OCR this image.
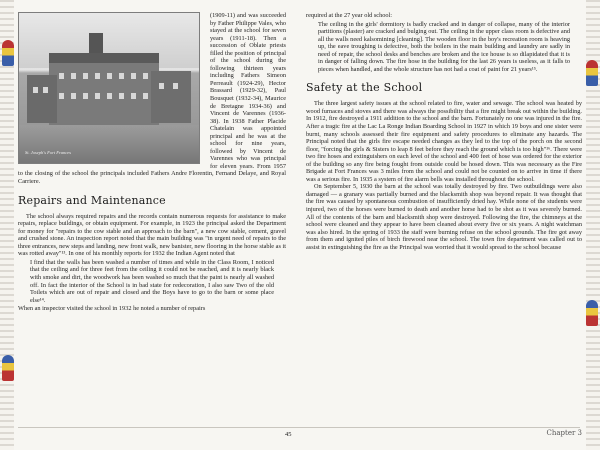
St. Joseph's Fort Frances

(1909-11) and was succeeded by Father Philippe Vales, who stayed at the school for seven years (1911-18). Then a succession of Oblate priests filled the position of principal of the school during the following thirteen years including Fathers Simeon Perreault (1924-29), Hector Brassard (1929-32), Paul Bousquet (1932-34), Maurice de Bretagne 1934-36) and Vincent de Varennes (1936-38). In 1938 Father Placide Chatelain was appointed principal and he was at the school for nine years, followed by Vincent de Varennes who was principal for eleven years. From 1957 to the closing of the school the principals included Fathers Andre Florentin, Fernand Delaye, and Royal Carriere.

Repairs and Maintenance

The school always required repairs and the records contain numerous requests for assistance to make repairs, replace buildings, or obtain equipment. For example, in 1923 the principal asked the Department for money for "repairs to the cow stable and an approach to the barn", a new cow stable, cement, gravel and crushed stone. An inspection report noted that the main building was "in urgent need of repairs to the three entrances, new steps and landing, new front walk, new banister, new flooring in the horse stable as it was rotted away"¹³. In one of his monthly reports for 1932 the Indian Agent noted that

I find that the walls has been washed a number of times and while in the Class Room, I noticed that the ceiling and for three feet from the ceiling it could not be reached, and it is nearly black with smoke and dirt, the woodwork has been washed so much that the paint is nearly all washed off. In fact the interior of the School is in bad state for redecoration, I also saw Two of the old Toilets which are out of repair and closed and the Boys have to go to the barn or some place else¹⁴.

When an inspector visited the school in 1932 he noted a number of repairs

required at the 27 year old school:

The ceiling in the girls' dormitory is badly cracked and in danger of collapse, many of the interior partitions (plaster) are cracked and bulging out. The ceiling in the upper class room is defective and all the walls need kalsomining [cleaning]. The wooden floor in the boy's recreation room is heaving up, the eave troughing is defective, both the boilers in the main building and laundry are sadly in need of repair, the school desks and benches are broken and the ice house is so dilapidated that it is in danger of falling down. The fire hose in the building for the last 26 years is useless, as it falls to pieces when handled, and the whole structure has not had a coat of paint for 21 years¹⁵.

Safety at the School

The three largest safety issues at the school related to fire, water and sewage. The school was heated by wood furnaces and stoves and there was always the possibility that a fire might break out within the building. In 1912, fire destroyed a 1911 addition to the school and the barn. Fortunately no one was injured in the fire. After a tragic fire at the Lac La Ronge Indian Boarding School in 1927 in which 19 boys and one sister were burnt, many schools assessed their fire equipment and safety procedures to eliminate any hazards. The Principal noted that the girls fire escape needed changes as they led to the top of the porch on the second floor, "forcing the girls & Sisters to leap 8 feet before they reach the ground which is too high"¹⁶. There were two fire hoses and extinguishers on each level of the school and 400 feet of hose was ordered for the exterior of the building so any fire being fought from outside could be hosed down. This was necessary as the Fire Brigade at Fort Frances was 3 miles from the school and could not be counted on to arrive in time if there was a serious fire. In 1935 a system of fire alarm bells was installed throughout the school.

On September 5, 1930 the barn at the school was totally destroyed by fire. Two outbuildings were also damaged — a granary was partially burned and the blacksmith shop was beyond repair. It was thought that the fire was caused by spontaneous combustion of insufficiently dried hay. While none of the students were injured, two of the horses were burned to death and another horse had to be shot as it was severely burned. All of the contents of the barn and blacksmith shop were destroyed. Following the fire, the chimneys at the school were cleaned and they appear to have been cleaned about every five or six years. A night watchman was also hired. In the spring of 1933 the staff were burning refuse on the school grounds. The fire got away from them and ignited piles of birch firewood near the school. The town fire department was called out to assist in extinguishing the fire as the Principal was worried that it would spread to the school because

45	Chapter 3
